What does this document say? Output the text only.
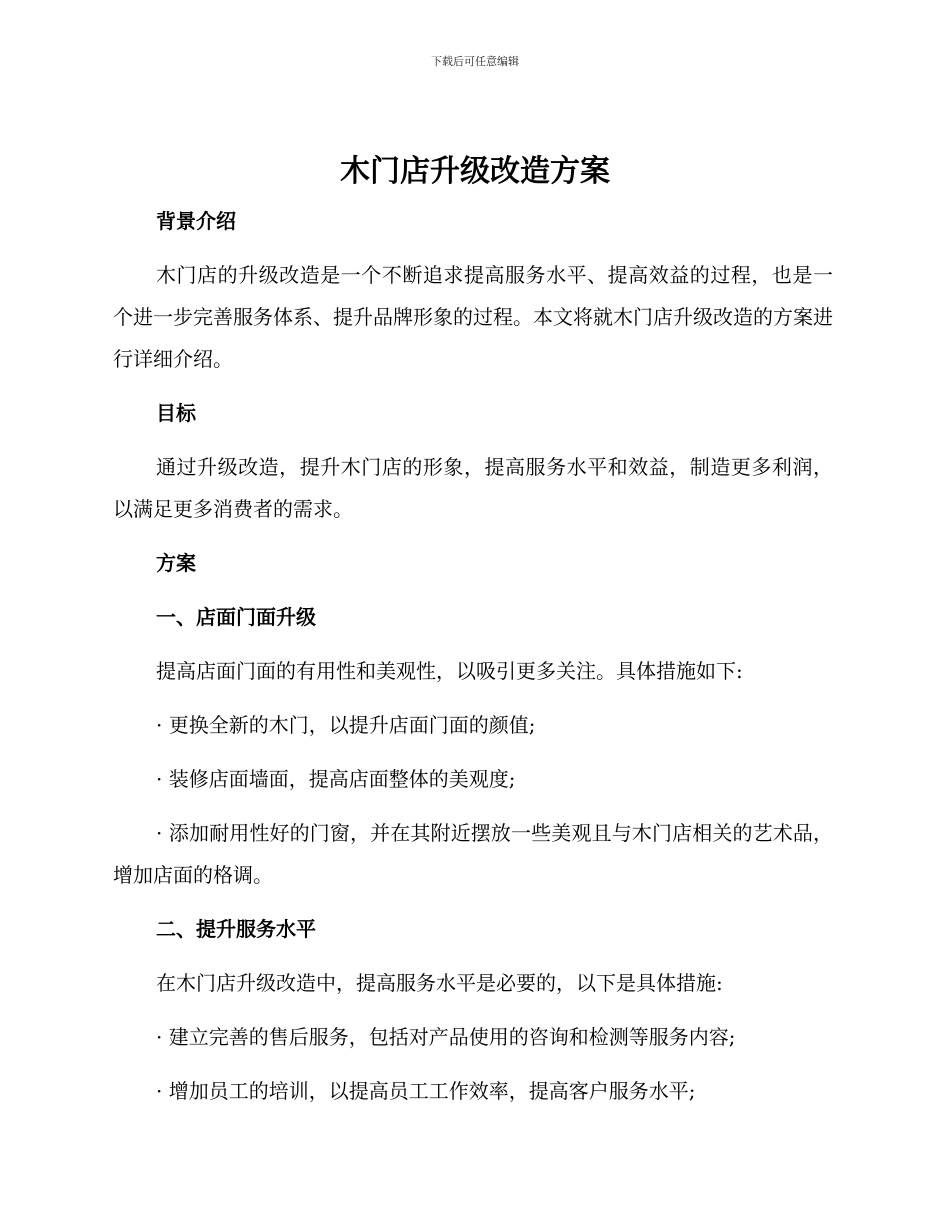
下载后可任意编辑
木门店升级改造方案
背景介绍

木门店的升级改造是一个不断追求提高服务水平、提高效益的过程，也是一个进一步完善服务体系、提升品牌形象的过程。本文将就木门店升级改造的方案进行详细介绍。

目标

通过升级改造，提升木门店的形象，提高服务水平和效益，制造更多利润，以满足更多消费者的需求。

方案
一、店面门面升级

提高店面门面的有用性和美观性，以吸引更多关注。具体措施如下:

· 更换全新的木门，以提升店面门面的颜值;

· 装修店面墙面，提高店面整体的美观度;

· 添加耐用性好的门窗，并在其附近摆放一些美观且与木门店相关的艺术品，增加店面的格调。

二、提升服务水平

在木门店升级改造中，提高服务水平是必要的，以下是具体措施:

· 建立完善的售后服务，包括对产品使用的咨询和检测等服务内容;

· 增加员工的培训，以提高员工工作效率，提高客户服务水平;
